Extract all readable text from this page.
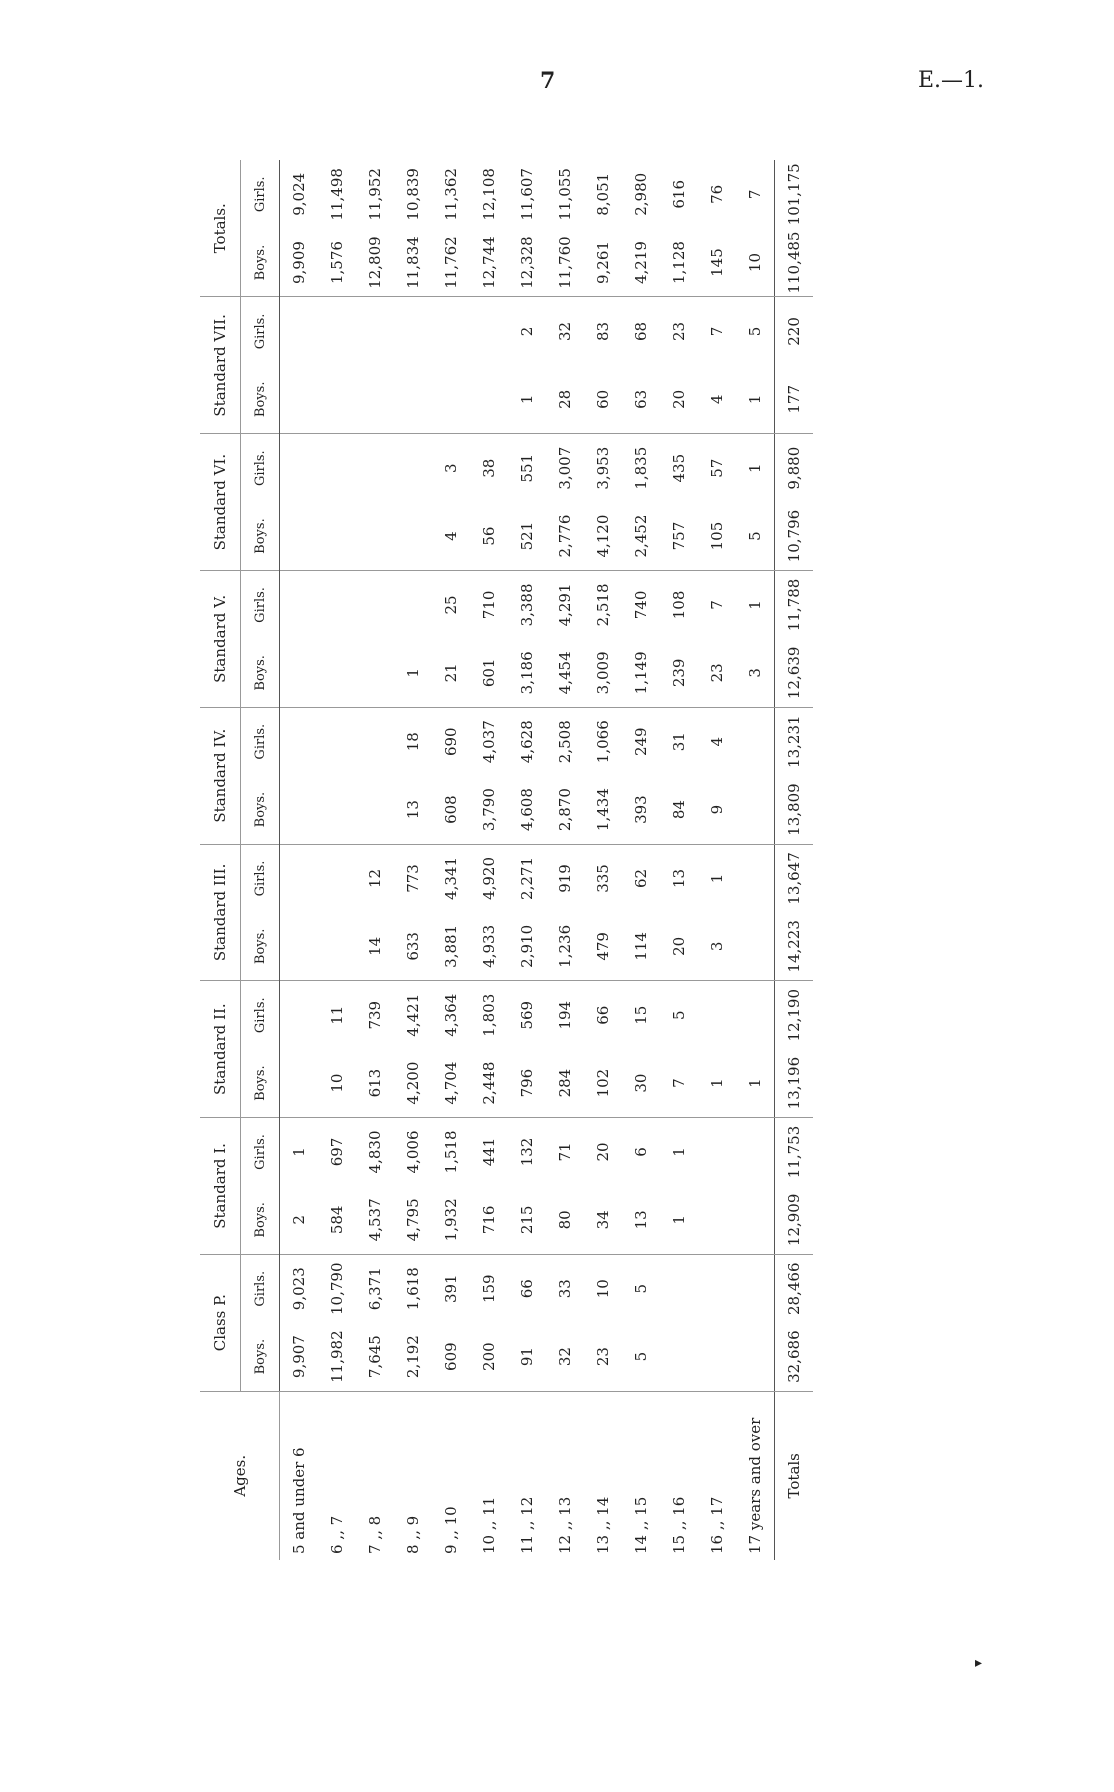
7	E.—1.
Ages.	Class P.		Standard I.		Standard II.		Standard III.		Standard IV.		Standard V.		Standard VI.		Standard VII.		Totals.	
	Boys.	Girls.	Boys.	Girls.	Boys.	Girls.	Boys.	Girls.	Boys.	Girls.	Boys.	Girls.	Boys.	Girls.	Boys.	Girls.	Boys.	Girls.
5 and under 6	9,907	9,023	2	1													9,909	9,024
6 ,, 7	11,982	10,790	584	697	10	11											1,576	11,498
7 ,, 8	7,645	6,371	4,537	4,830	613	739	14	12									12,809	11,952
8 ,, 9	2,192	1,618	4,795	4,006	4,200	4,421	633	773	13	18	1						11,834	10,839
9 ,, 10	609	391	1,932	1,518	4,704	4,364	3,881	4,341	608	690	21	25	4	3			11,762	11,362
10 ,, 11	200	159	716	441	2,448	1,803	4,933	4,920	3,790	4,037	601	710	56	38			12,744	12,108
11 ,, 12	91	66	215	132	796	569	2,910	2,271	4,608	4,628	3,186	3,388	521	551	1	2	12,328	11,607
12 ,, 13	32	33	80	71	284	194	1,236	919	2,870	2,508	4,454	4,291	2,776	3,007	28	32	11,760	11,055
13 ,, 14	23	10	34	20	102	66	479	335	1,434	1,066	3,009	2,518	4,120	3,953	60	83	9,261	8,051
14 ,, 15	5	5	13	6	30	15	114	62	393	249	1,149	740	2,452	1,835	63	68	4,219	2,980
15 ,, 16			1	1	7	5	20	13	84	31	239	108	757	435	20	23	1,128	616
16 ,, 17					1		3	1	9	4	23	7	105	57	4	7	145	76
17 years and over					1						3	1	5	1	1	5	10	7
Totals	32,686	28,466	12,909	11,753	13,196	12,190	14,223	13,647	13,809	13,231	12,639	11,788	10,796	9,880	177	220	110,485	101,175
▸
